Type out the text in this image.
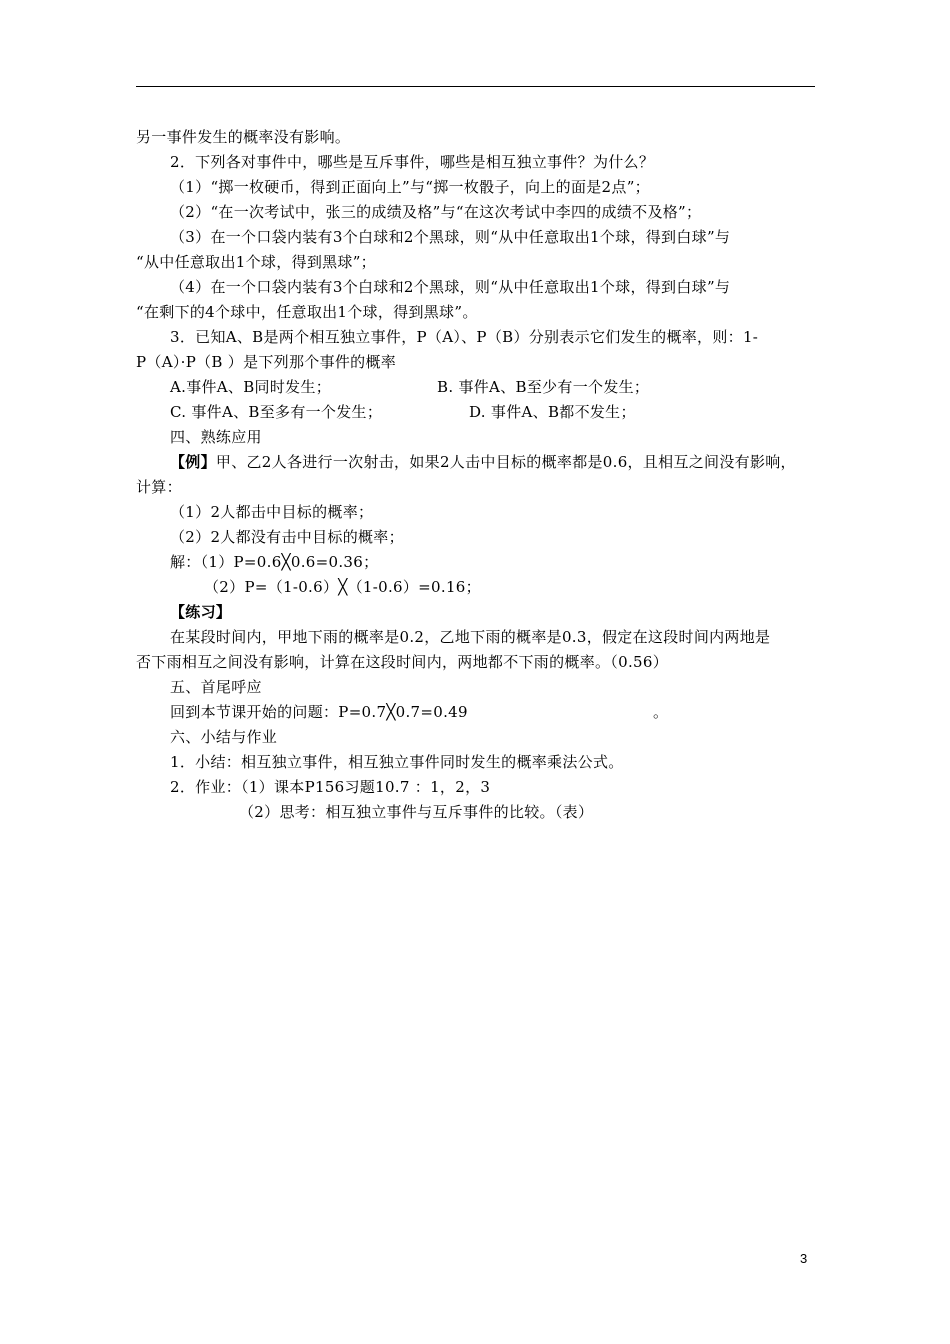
另一事件发生的概率没有影响。
2．下列各对事件中，哪些是互斥事件，哪些是相互独立事件？为什么？
（1）“掷一枚硬币，得到正面向上”与“掷一枚骰子，向上的面是2点”；
（2）“在一次考试中，张三的成绩及格”与“在这次考试中李四的成绩不及格”；
（3）在一个口袋内装有3个白球和2个黑球，则“从中任意取出1个球，得到白球”与
“从中任意取出1个球，得到黑球”；
（4）在一个口袋内装有3个白球和2个黑球，则“从中任意取出1个球，得到白球”与
“在剩下的4个球中，任意取出1个球，得到黑球”。
3．已知A、B是两个相互独立事件，P（A）、P（B）分别表示它们发生的概率，则：1-
P（A）·P（B ）是下列那个事件的概率
A.事件A、B同时发生；	B. 事件A、B至少有一个发生；
C. 事件A、B至多有一个发生；	D. 事件A、B都不发生；
四、熟练应用
【例】甲、乙2人各进行一次射击，如果2人击中目标的概率都是0.6，且相互之间没有影响，
计算：
（1）2人都击中目标的概率；
（2）2人都没有击中目标的概率；
解：（1）P=0.6╳0.6=0.36；
（2）P=（1-0.6）╳（1-0.6）=0.16；
【练习】
在某段时间内，甲地下雨的概率是0.2，乙地下雨的概率是0.3，假定在这段时间内两地是
否下雨相互之间没有影响，计算在这段时间内，两地都不下雨的概率。（0.56）
五、首尾呼应
回到本节课开始的问题：P=0.7╳0.7=0.49	。
六、小结与作业
1．小结：相互独立事件，相互独立事件同时发生的概率乘法公式。
2．作业：（1）课本P156习题10.7 ：1，2，3
（2）思考：相互独立事件与互斥事件的比较。（表）
3
